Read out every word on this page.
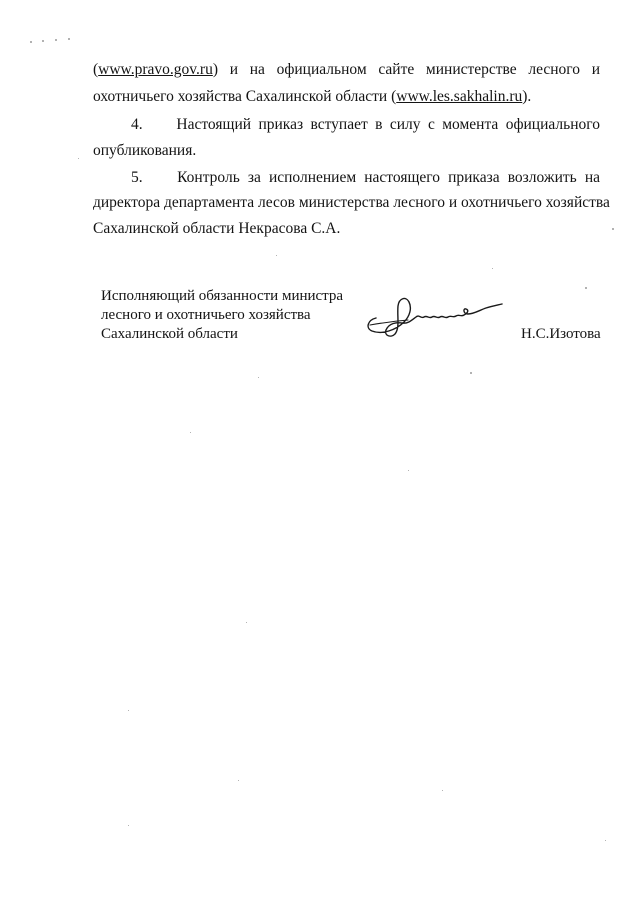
(www.pravo.gov.ru) и на официальном сайте министерстве лесного и
охотничьего хозяйства Сахалинской области (www.les.sakhalin.ru).
4. Настоящий приказ вступает в силу с момента официального
опубликования.
5. Контроль за исполнением настоящего приказа возложить на
директора департамента лесов министерства лесного и охотничьего хозяйства
Сахалинской области Некрасова С.А.
Исполняющий обязанности министра
лесного и охотничьего хозяйства
Сахалинской области	Н.С.Изотова
